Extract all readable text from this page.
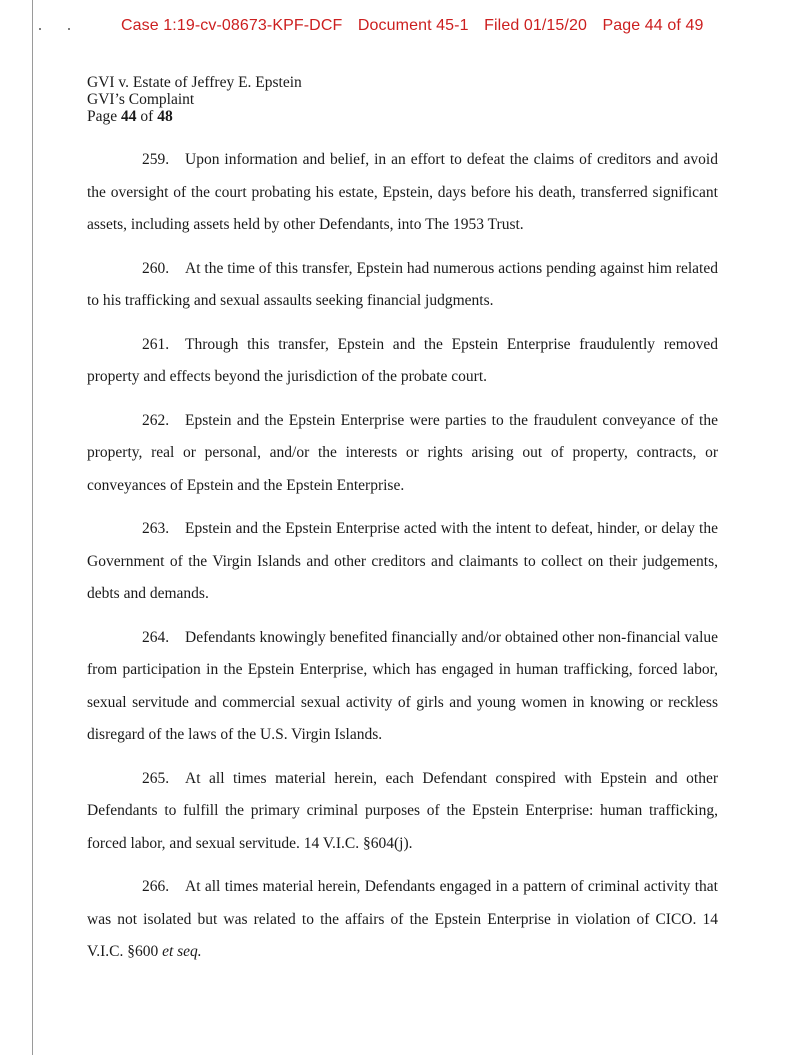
Case 1:19-cv-08673-KPF-DCF Document 45-1 Filed 01/15/20 Page 44 of 49
GVI v. Estate of Jeffrey E. Epstein
GVI’s Complaint
Page 44 of 48

259. Upon information and belief, in an effort to defeat the claims of creditors and avoid the oversight of the court probating his estate, Epstein, days before his death, transferred significant assets, including assets held by other Defendants, into The 1953 Trust.

260. At the time of this transfer, Epstein had numerous actions pending against him related to his trafficking and sexual assaults seeking financial judgments.

261. Through this transfer, Epstein and the Epstein Enterprise fraudulently removed property and effects beyond the jurisdiction of the probate court.

262. Epstein and the Epstein Enterprise were parties to the fraudulent conveyance of the property, real or personal, and/or the interests or rights arising out of property, contracts, or conveyances of Epstein and the Epstein Enterprise.

263. Epstein and the Epstein Enterprise acted with the intent to defeat, hinder, or delay the Government of the Virgin Islands and other creditors and claimants to collect on their judgements, debts and demands.

264. Defendants knowingly benefited financially and/or obtained other non-financial value from participation in the Epstein Enterprise, which has engaged in human trafficking, forced labor, sexual servitude and commercial sexual activity of girls and young women in knowing or reckless disregard of the laws of the U.S. Virgin Islands.

265. At all times material herein, each Defendant conspired with Epstein and other Defendants to fulfill the primary criminal purposes of the Epstein Enterprise: human trafficking, forced labor, and sexual servitude. 14 V.I.C. §604(j).

266. At all times material herein, Defendants engaged in a pattern of criminal activity that was not isolated but was related to the affairs of the Epstein Enterprise in violation of CICO. 14 V.I.C. §600 et seq.
